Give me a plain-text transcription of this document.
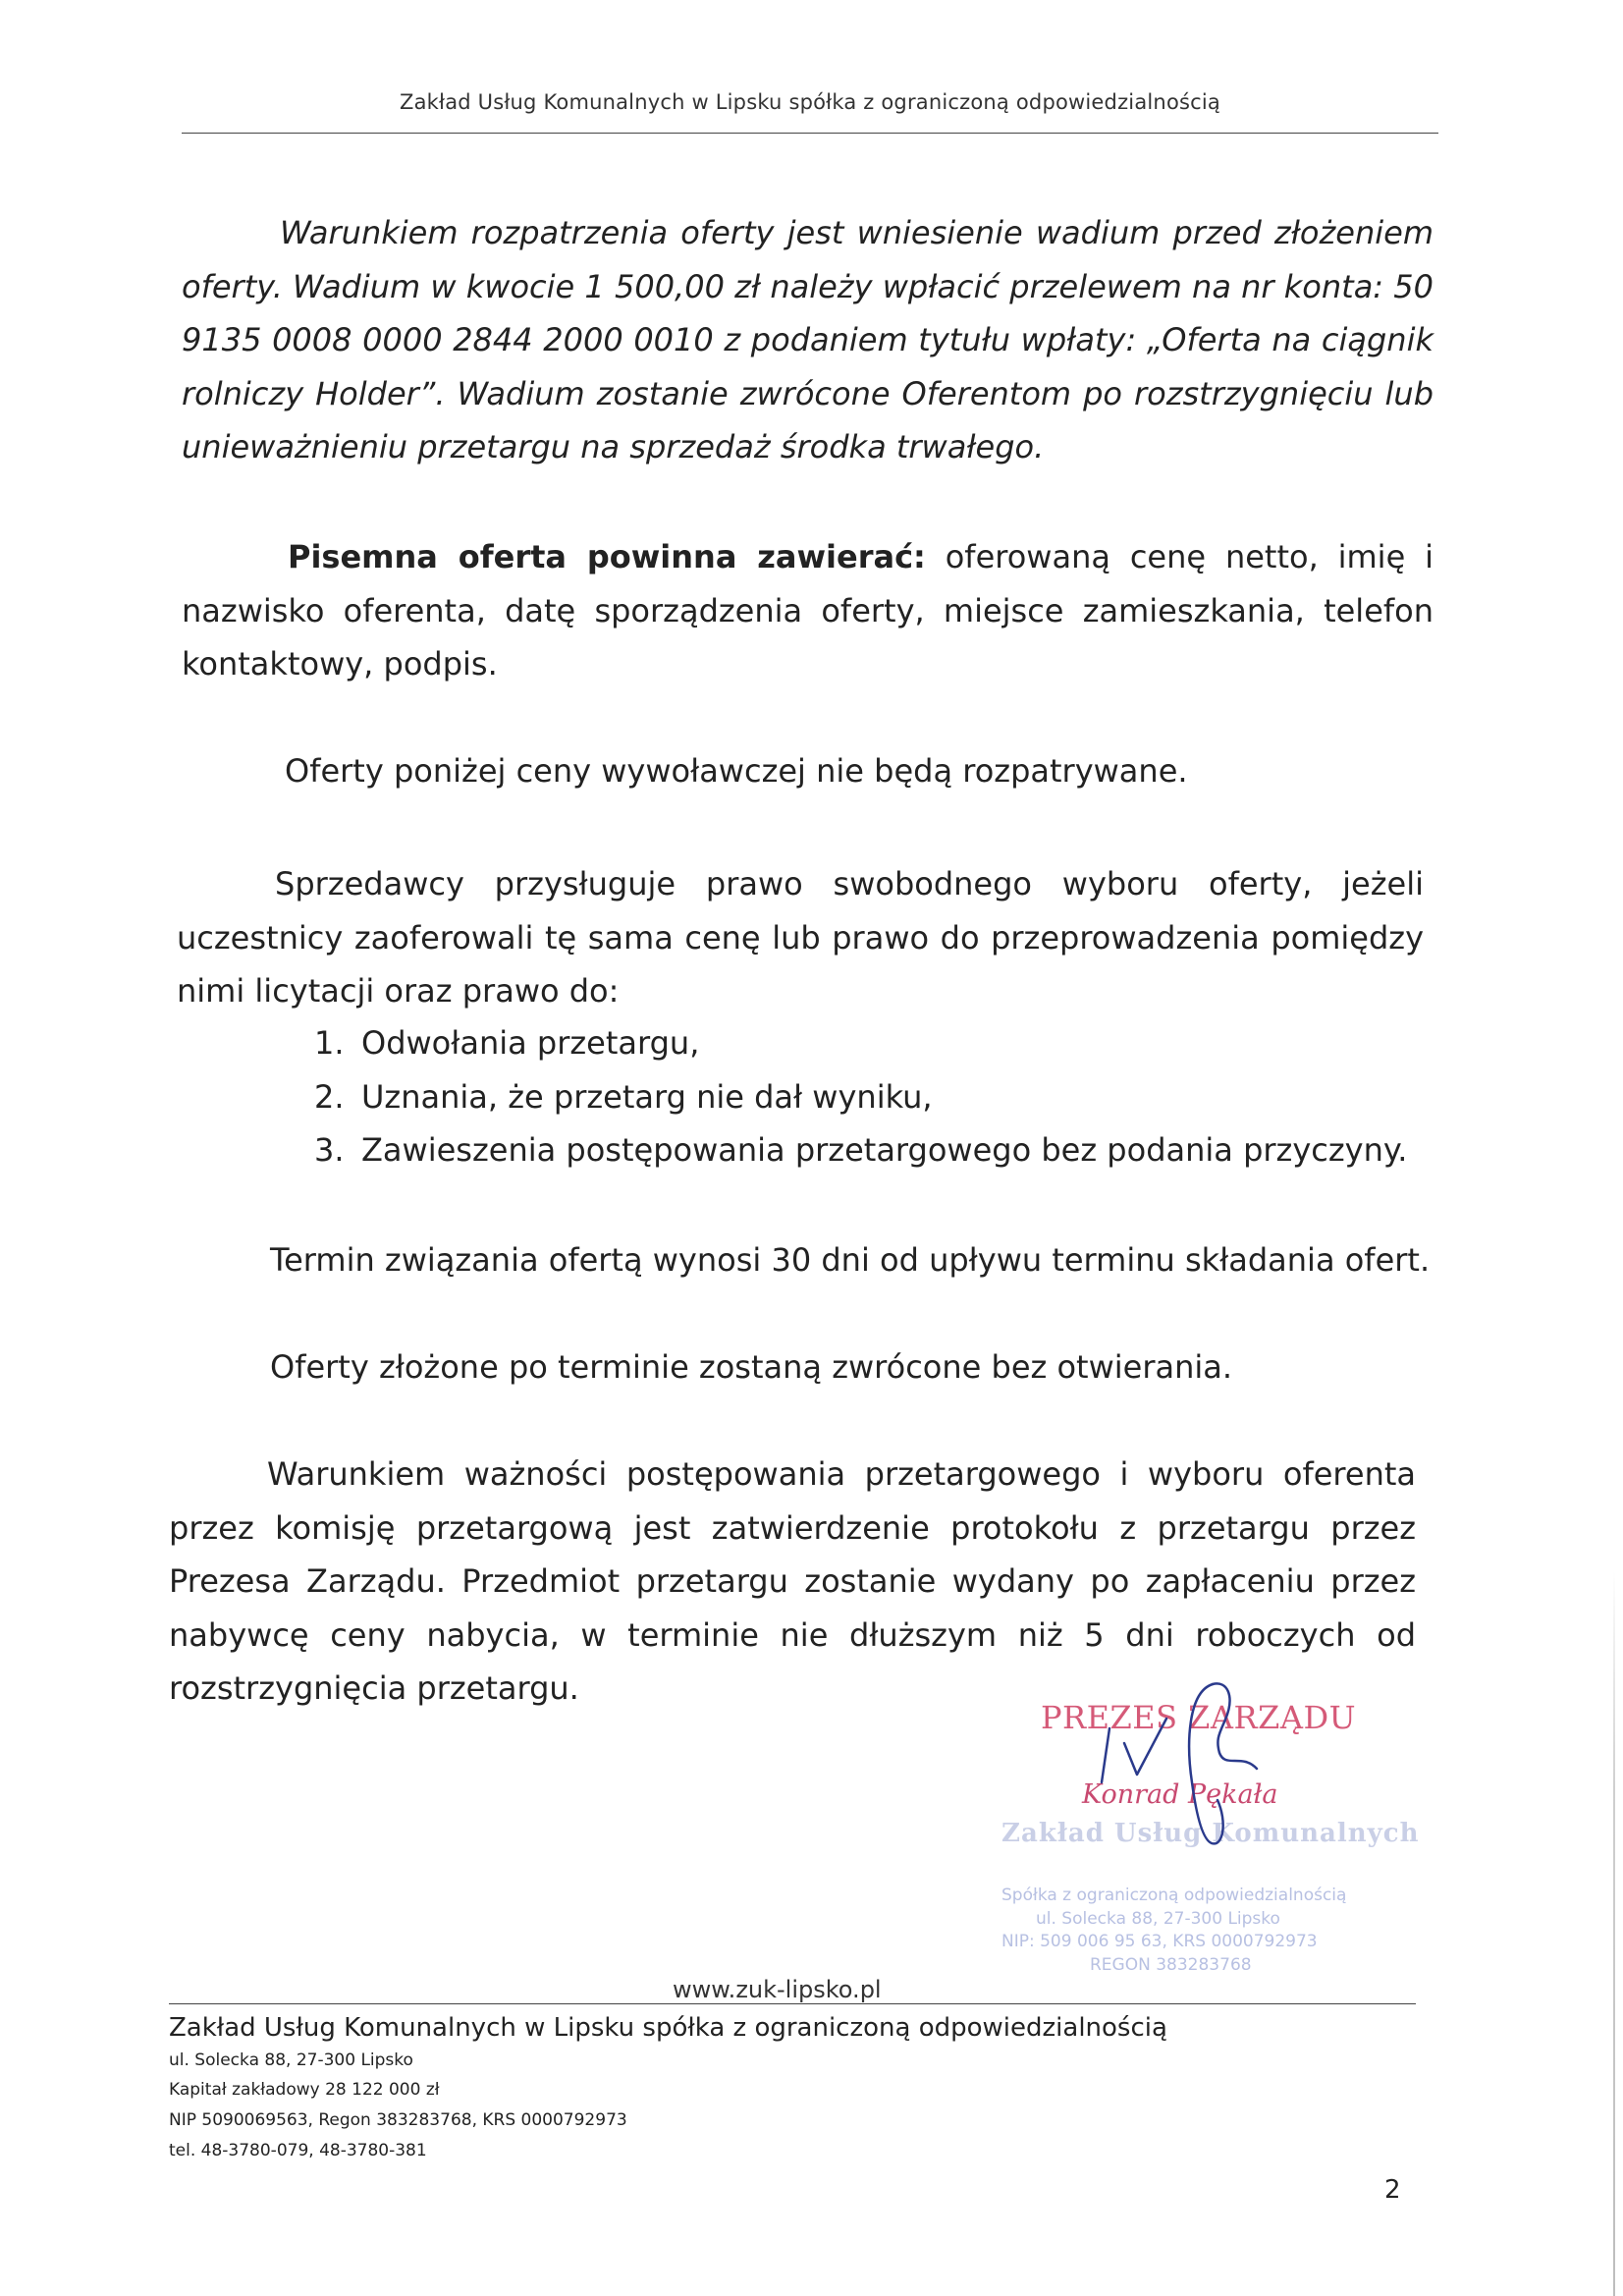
Zakład Usług Komunalnych w Lipsku spółka z ograniczoną odpowiedzialnością

Warunkiem rozpatrzenia oferty jest wniesienie wadium przed złożeniem oferty. Wadium w kwocie 1 500,00 zł należy wpłacić przelewem na nr konta: 50 9135 0008 0000 2844 2000 0010 z podaniem tytułu wpłaty: „Oferta na ciągnik rolniczy Holder”. Wadium zostanie zwrócone Oferentom po rozstrzygnięciu lub unieważnieniu przetargu na sprzedaż środka trwałego.

Pisemna oferta powinna zawierać: oferowaną cenę netto, imię i nazwisko oferenta, datę sporządzenia oferty, miejsce zamieszkania, telefon kontaktowy, podpis.

Oferty poniżej ceny wywoławczej nie będą rozpatrywane.

Sprzedawcy przysługuje prawo swobodnego wyboru oferty, jeżeli uczestnicy zaoferowali tę sama cenę lub prawo do przeprowadzenia pomiędzy nimi licytacji oraz prawo do:

1. Odwołania przetargu,
2. Uznania, że przetarg nie dał wyniku,
3. Zawieszenia postępowania przetargowego bez podania przyczyny.

Termin związania ofertą wynosi 30 dni od upływu terminu składania ofert.

Oferty złożone po terminie zostaną zwrócone bez otwierania.

Warunkiem ważności postępowania przetargowego i wyboru oferenta przez komisję przetargową jest zatwierdzenie protokołu z przetargu przez Prezesa Zarządu. Przedmiot przetargu zostanie wydany po zapłaceniu przez nabywcę ceny nabycia, w terminie nie dłuższym niż 5 dni roboczych od rozstrzygnięcia przetargu.

PREZES ZARZĄDU
Konrad Pękała
Zakład Usług Komunalnych
Spółka z ograniczoną odpowiedzialnością
ul. Solecka 88, 27-300 Lipsko
NIP: 509 006 95 63, KRS 0000792973
REGON 383283768
www.zuk-lipsko.pl
Zakład Usług Komunalnych w Lipsku spółka z ograniczoną odpowiedzialnością
ul. Solecka 88, 27-300 Lipsko
Kapitał zakładowy 28 122 000 zł
NIP 5090069563, Regon 383283768, KRS 0000792973
tel. 48-3780-079, 48-3780-381
2
